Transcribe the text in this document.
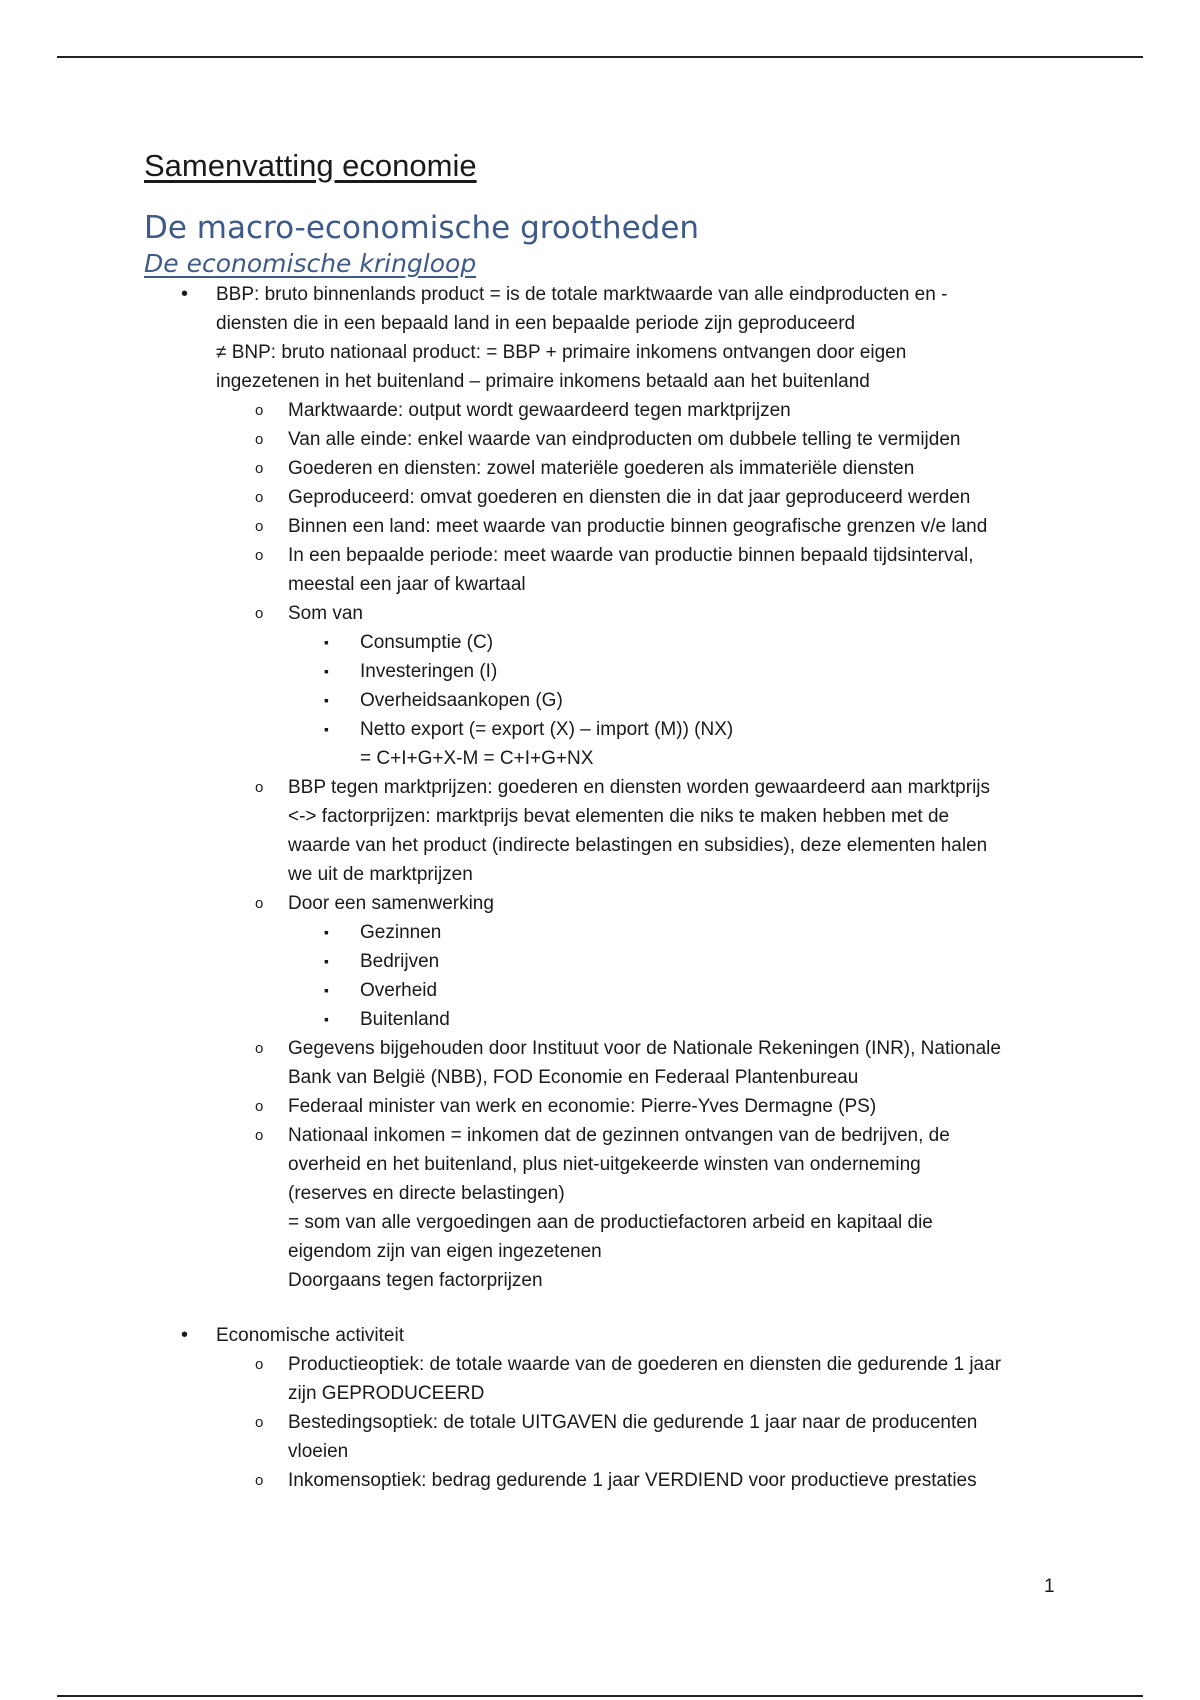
Samenvatting economie
De macro-economische grootheden
De economische kringloop
• BBP: bruto binnenlands product = is de totale marktwaarde van alle eindproducten en -
diensten die in een bepaald land in een bepaalde periode zijn geproduceerd
≠ BNP: bruto nationaal product: = BBP + primaire inkomens ontvangen door eigen
ingezetenen in het buitenland – primaire inkomens betaald aan het buitenland
o Marktwaarde: output wordt gewaardeerd tegen marktprijzen
o Van alle einde: enkel waarde van eindproducten om dubbele telling te vermijden
o Goederen en diensten: zowel materiële goederen als immateriële diensten
o Geproduceerd: omvat goederen en diensten die in dat jaar geproduceerd werden
o Binnen een land: meet waarde van productie binnen geografische grenzen v/e land
o In een bepaalde periode: meet waarde van productie binnen bepaald tijdsinterval,
meestal een jaar of kwartaal
o Som van
▪ Consumptie (C)
▪ Investeringen (I)
▪ Overheidsaankopen (G)
▪ Netto export (= export (X) – import (M)) (NX)
= C+I+G+X-M = C+I+G+NX
o BBP tegen marktprijzen: goederen en diensten worden gewaardeerd aan marktprijs
<-> factorprijzen: marktprijs bevat elementen die niks te maken hebben met de
waarde van het product (indirecte belastingen en subsidies), deze elementen halen
we uit de marktprijzen
o Door een samenwerking
▪ Gezinnen
▪ Bedrijven
▪ Overheid
▪ Buitenland
o Gegevens bijgehouden door Instituut voor de Nationale Rekeningen (INR), Nationale
Bank van België (NBB), FOD Economie en Federaal Plantenbureau
o Federaal minister van werk en economie: Pierre-Yves Dermagne (PS)
o Nationaal inkomen = inkomen dat de gezinnen ontvangen van de bedrijven, de
overheid en het buitenland, plus niet-uitgekeerde winsten van onderneming
(reserves en directe belastingen)
= som van alle vergoedingen aan de productiefactoren arbeid en kapitaal die
eigendom zijn van eigen ingezetenen
Doorgaans tegen factorprijzen
• Economische activiteit
o Productieoptiek: de totale waarde van de goederen en diensten die gedurende 1 jaar
zijn GEPRODUCEERD
o Bestedingsoptiek: de totale UITGAVEN die gedurende 1 jaar naar de producenten
vloeien
o Inkomensoptiek: bedrag gedurende 1 jaar VERDIEND voor productieve prestaties
1
